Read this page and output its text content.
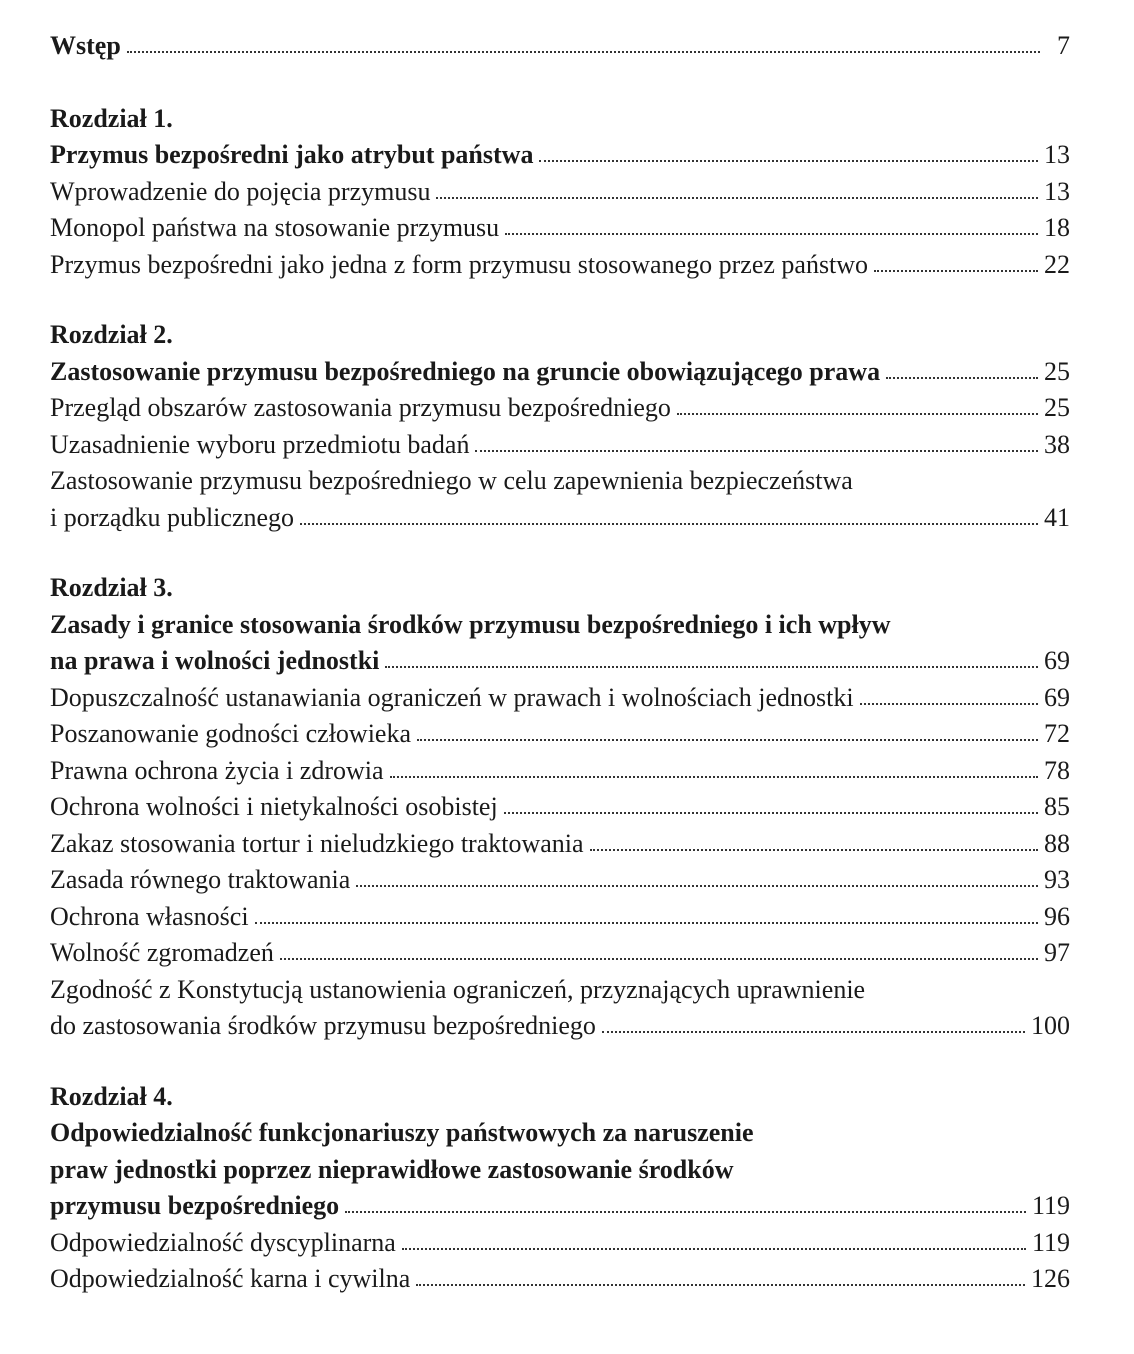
Wstęp	7
Rozdział 1.
Przymus bezpośredni jako atrybut państwa	13
Wprowadzenie do pojęcia przymusu	13
Monopol państwa na stosowanie przymusu	18
Przymus bezpośredni jako jedna z form przymusu stosowanego przez państwo	22
Rozdział 2.
Zastosowanie przymusu bezpośredniego na gruncie obowiązującego prawa	25
Przegląd obszarów zastosowania przymusu bezpośredniego	25
Uzasadnienie wyboru przedmiotu badań	38
Zastosowanie przymusu bezpośredniego w celu zapewnienia bezpieczeństwa
i porządku publicznego	41
Rozdział 3.
Zasady i granice stosowania środków przymusu bezpośredniego i ich wpływ
na prawa i wolności jednostki	69
Dopuszczalność ustanawiania ograniczeń w prawach i wolnościach jednostki	69
Poszanowanie godności człowieka	72
Prawna ochrona życia i zdrowia	78
Ochrona wolności i nietykalności osobistej	85
Zakaz stosowania tortur i nieludzkiego traktowania	88
Zasada równego traktowania	93
Ochrona własności	96
Wolność zgromadzeń	97
Zgodność z Konstytucją ustanowienia ograniczeń, przyznających uprawnienie
do zastosowania środków przymusu bezpośredniego	100
Rozdział 4.
Odpowiedzialność funkcjonariuszy państwowych za naruszenie
praw jednostki poprzez nieprawidłowe zastosowanie środków
przymusu bezpośredniego	119
Odpowiedzialność dyscyplinarna	119
Odpowiedzialność karna i cywilna	126
